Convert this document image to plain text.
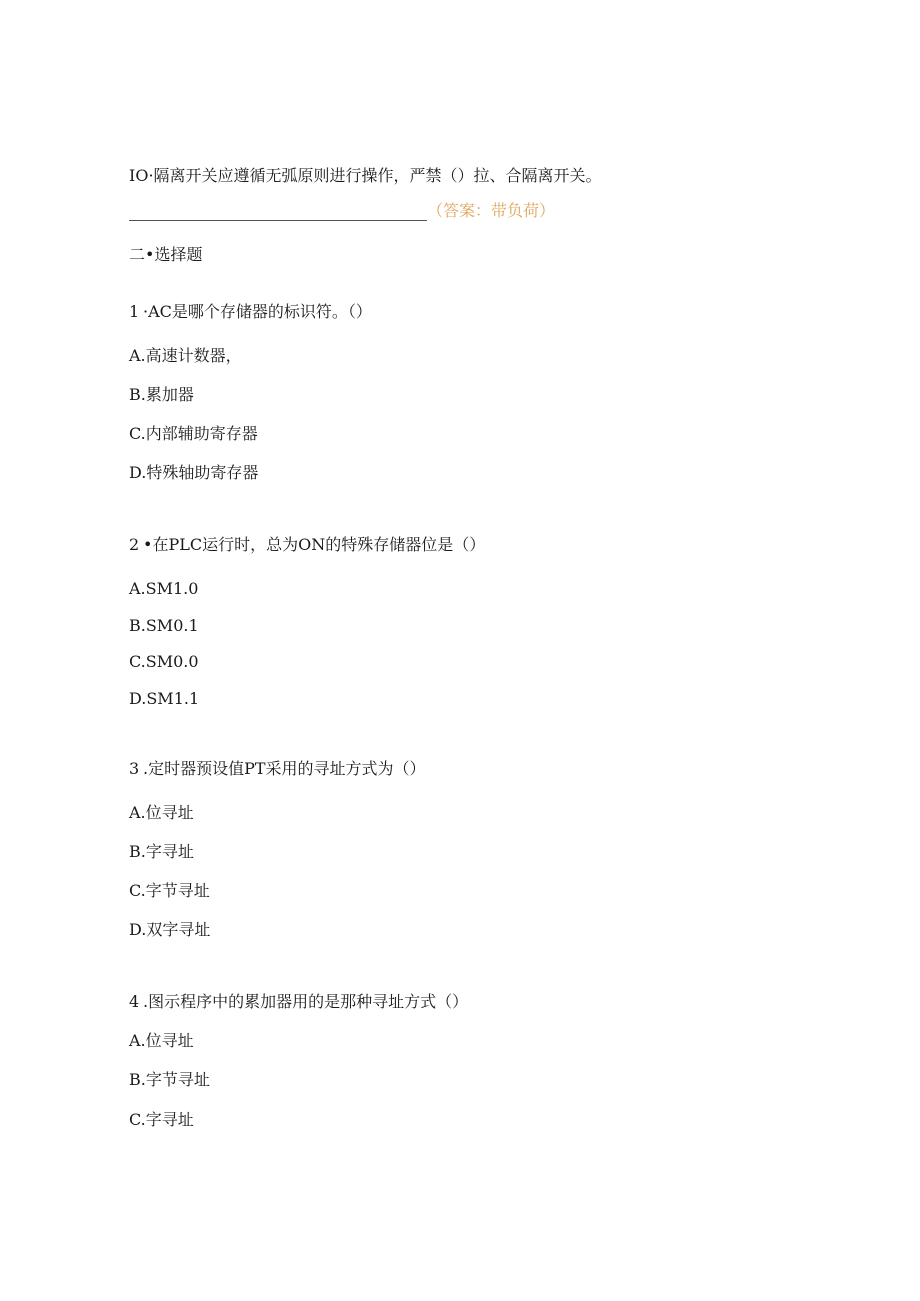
IO·隔离开关应遵循无弧原则进行操作，严禁（）拉、合隔离开关。
（答案：带负荷）
二•选择题
1 ·AC是哪个存储器的标识符。（）
A.高速计数器，
B.累加器
C.内部辅助寄存器
D.特殊轴助寄存器
2 •在PLC运行时，总为ON的特殊存储器位是（）
A.SM1.0
B.SM0.1
C.SM0.0
D.SM1.1
3 .定时器预设值PT采用的寻址方式为（）
A.位寻址
B.字寻址
C.字节寻址
D.双字寻址
4 .图示程序中的累加器用的是那种寻址方式（）
A.位寻址
B.字节寻址
C.字寻址
